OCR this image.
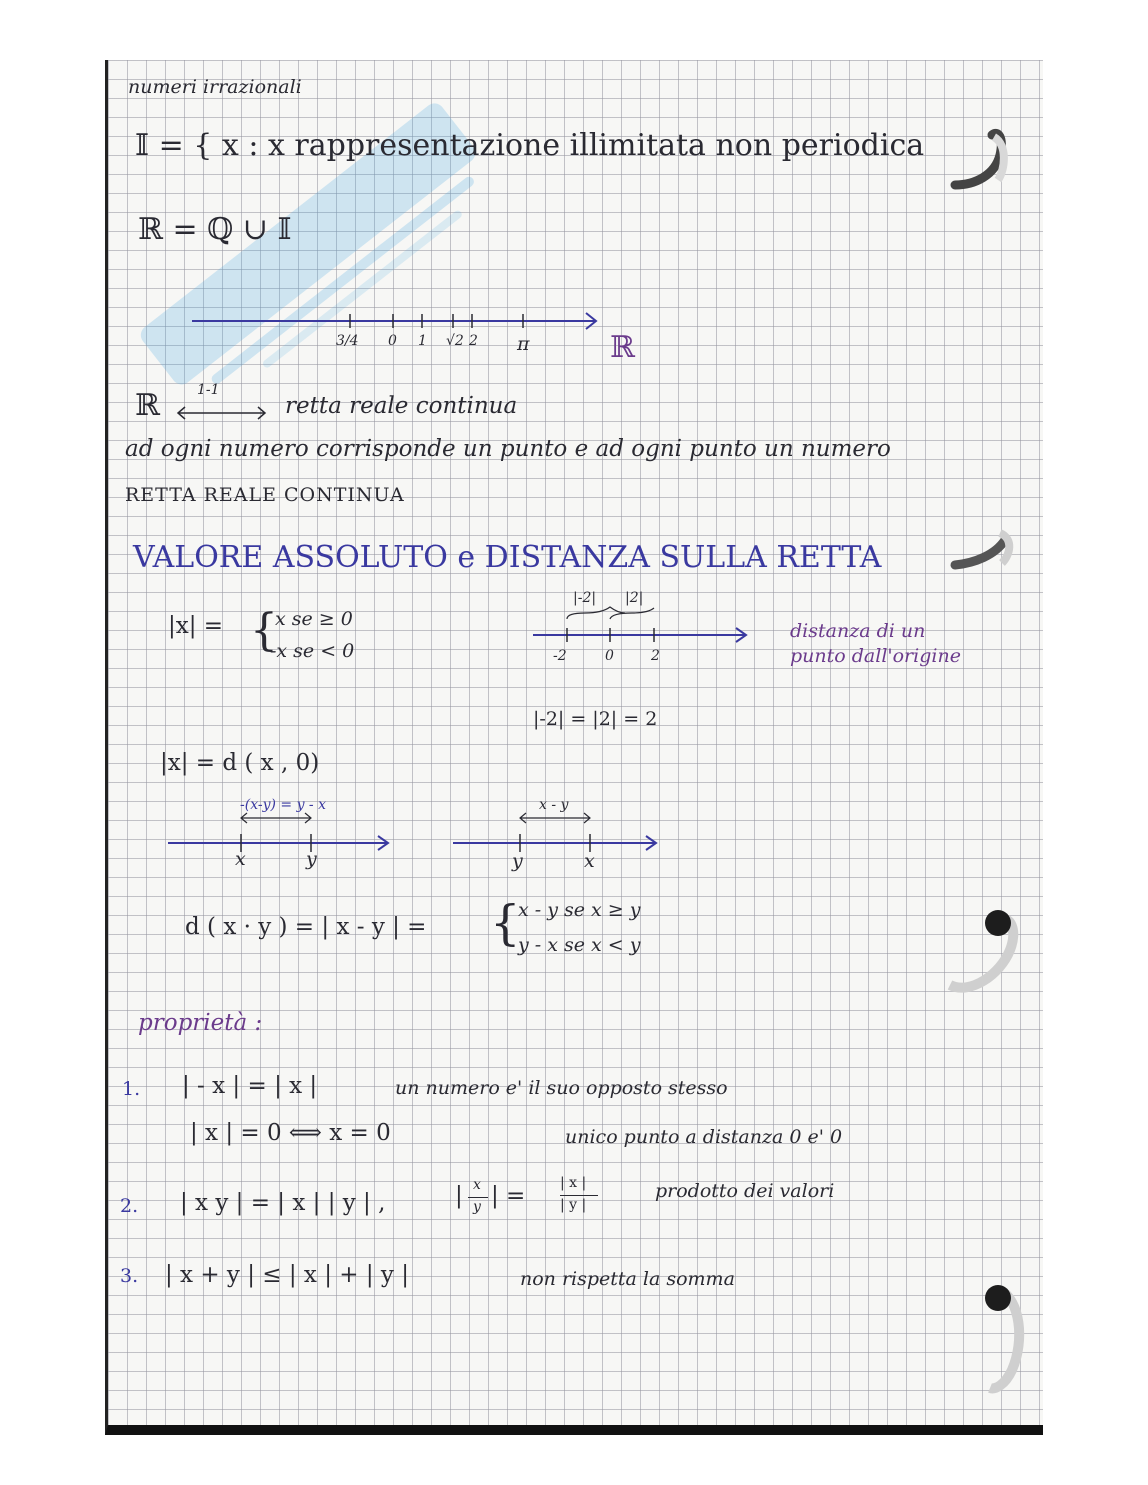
numeri irrazionali
𝕀 = { x : x rappresentazione illimitata non periodica
ℝ = ℚ ∪ 𝕀
3/4 0 1 √2 2 π	ℝ
ℝ	1-1
retta reale continua
ad ogni numero corrisponde un punto e ad ogni punto un numero
RETTA REALE CONTINUA
VALORE ASSOLUTO e DISTANZA SULLA RETTA
|x| = {
x se ≥ 0
-x se < 0
|-2| |2|
-2	0	2
distanza di un
punto dall'origine
|-2| = |2| = 2
|x| = d ( x , 0)
-(x-y) = y - x
x	y
x - y
y	x
d ( x · y ) = | x - y | = {
x - y se x ≥ y
y - x se x < y
proprietà :
1. | - x | = | x |	un numero e' il suo opposto stesso
| x | = 0 ⟺ x = 0	unico punto a distanza 0 e' 0
2. | x y | = | x | | y | ,	| x
y | = | x |
| y |
prodotto dei valori
3. | x + y | ≤ | x | + | y |	non rispetta la somma
